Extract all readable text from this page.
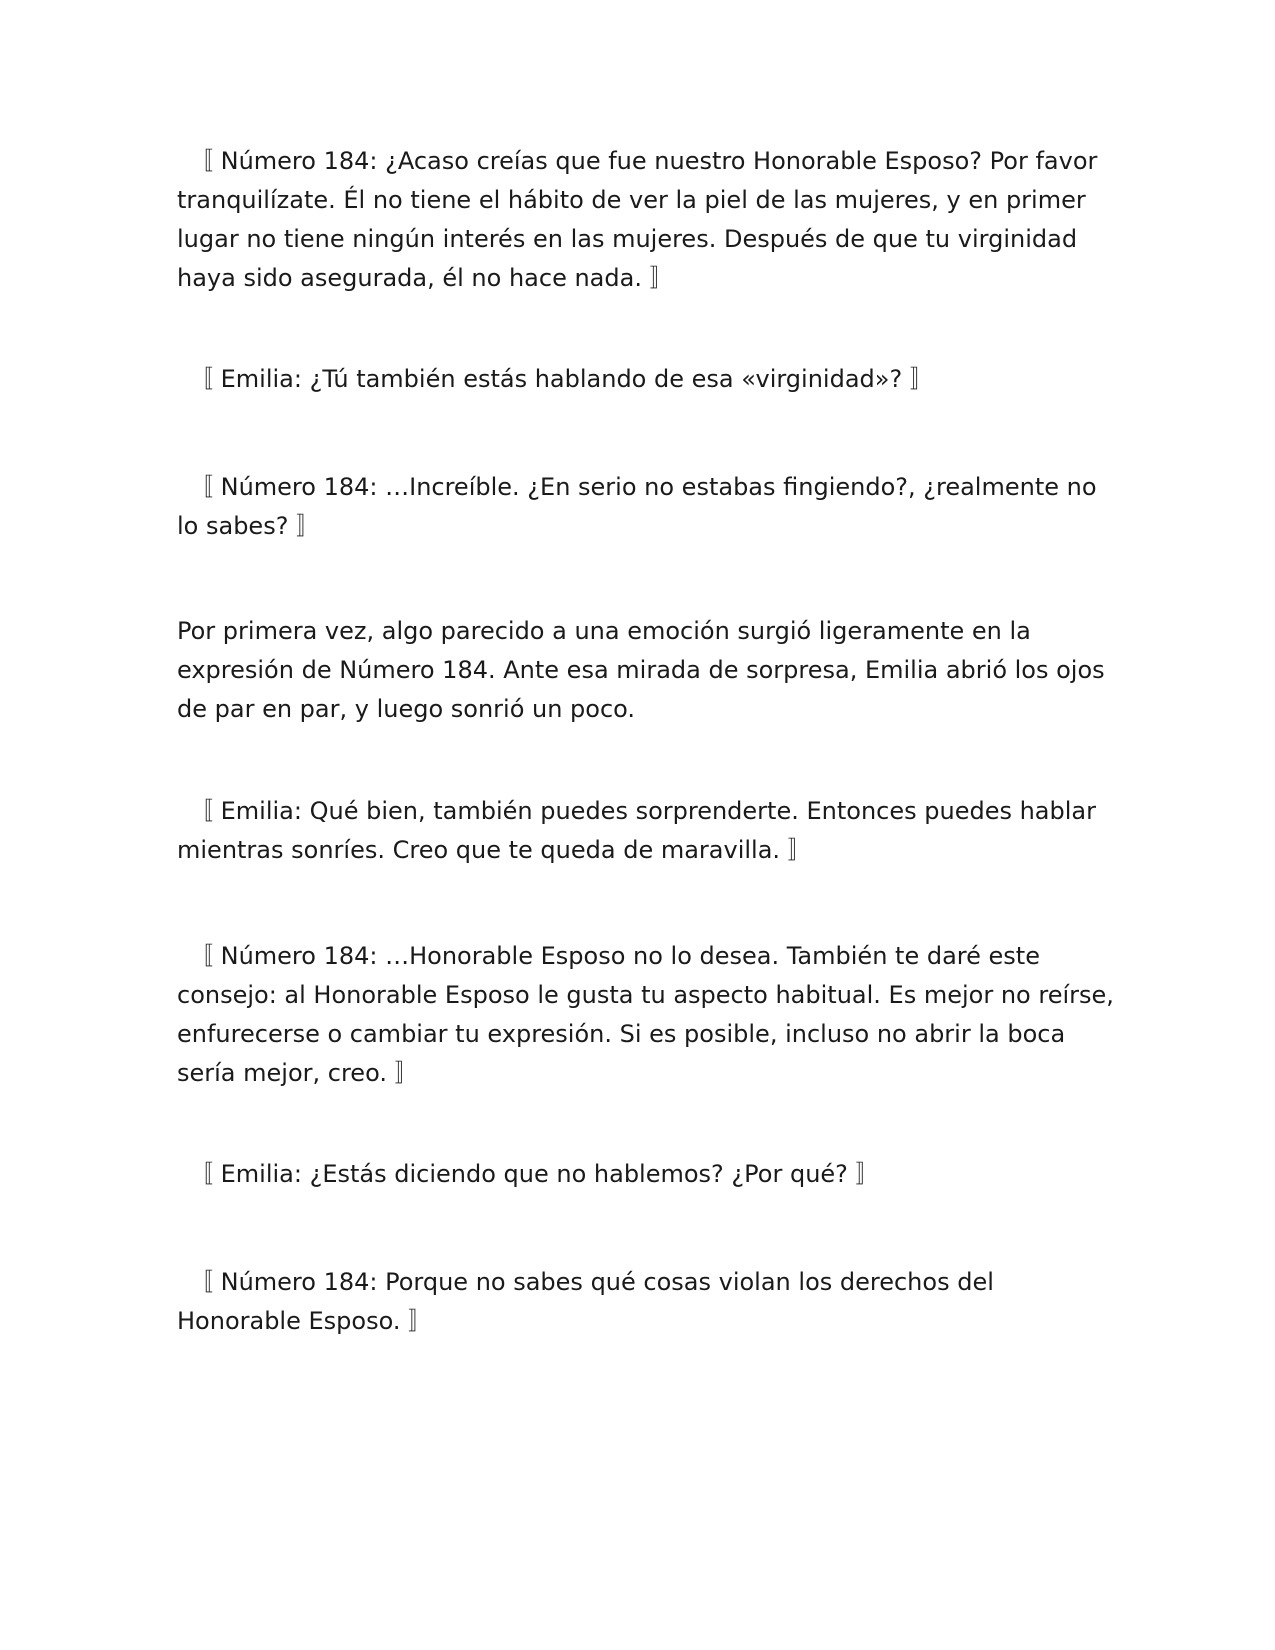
　〚 Número 184: ¿Acaso creías que fue nuestro Honorable Esposo? Por favor tranquilízate. Él no tiene el hábito de ver la piel de las mujeres, y en primer lugar no tiene ningún interés en las mujeres. Después de que tu virginidad haya sido asegurada, él no hace nada. 〛

　〚 Emilia: ¿Tú también estás hablando de esa «virginidad»? 〛

　〚 Número 184: …Increíble. ¿En serio no estabas fingiendo?, ¿realmente no lo sabes? 〛

Por primera vez, algo parecido a una emoción surgió ligeramente en la expresión de Número 184. Ante esa mirada de sorpresa, Emilia abrió los ojos de par en par, y luego sonrió un poco.

　〚 Emilia: Qué bien, también puedes sorprenderte. Entonces puedes hablar mientras sonríes. Creo que te queda de maravilla. 〛

　〚 Número 184: …Honorable Esposo no lo desea. También te daré este consejo: al Honorable Esposo le gusta tu aspecto habitual. Es mejor no reírse, enfurecerse o cambiar tu expresión. Si es posible, incluso no abrir la boca sería mejor, creo. 〛

　〚 Emilia: ¿Estás diciendo que no hablemos? ¿Por qué? 〛

　〚 Número 184: Porque no sabes qué cosas violan los derechos del Honorable Esposo. 〛
